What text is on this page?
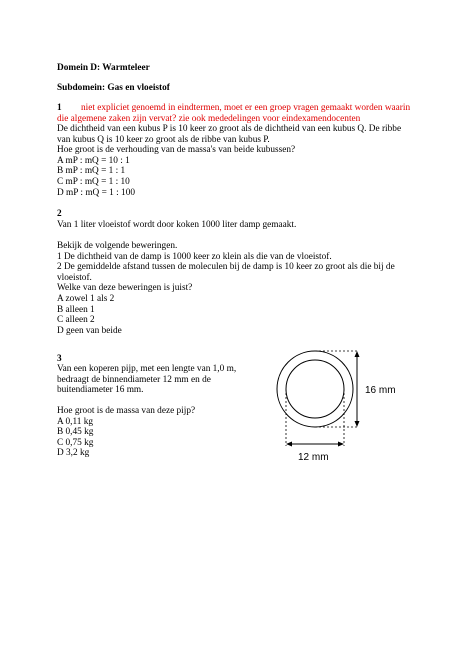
Domein D: Warmteleer
Subdomein: Gas en vloeistof
1	niet expliciet genoemd in eindtermen, moet er een groep vragen gemaakt worden waarin
die algemene zaken zijn vervat? zie ook mededelingen voor eindexamendocenten
De dichtheid van een kubus P is 10 keer zo groot als de dichtheid van een kubus Q. De ribbe
van kubus Q is 10 keer zo groot als de ribbe van kubus P.
Hoe groot is de verhouding van de massa's van beide kubussen?
A mP : mQ = 10 : 1
B mP : mQ = 1 : 1
C mP : mQ = 1 : 10
D mP : mQ = 1 : 100
2
Van 1 liter vloeistof wordt door koken 1000 liter damp gemaakt.
Bekijk de volgende beweringen.
1 De dichtheid van de damp is 1000 keer zo klein als die van de vloeistof.
2 De gemiddelde afstand tussen de moleculen bij de damp is 10 keer zo groot als die bij de
vloeistof.
Welke van deze beweringen is juist?
A zowel 1 als 2
B alleen 1
C alleen 2
D geen van beide
3
Van een koperen pijp, met een lengte van 1,0 m,
bedraagt de binnendiameter 12 mm en de
buitendiameter 16 mm.
Hoe groot is de massa van deze pijp?
A 0,11 kg
B 0,45 kg
C 0,75 kg
D 3,2 kg
16 mm
12 mm
